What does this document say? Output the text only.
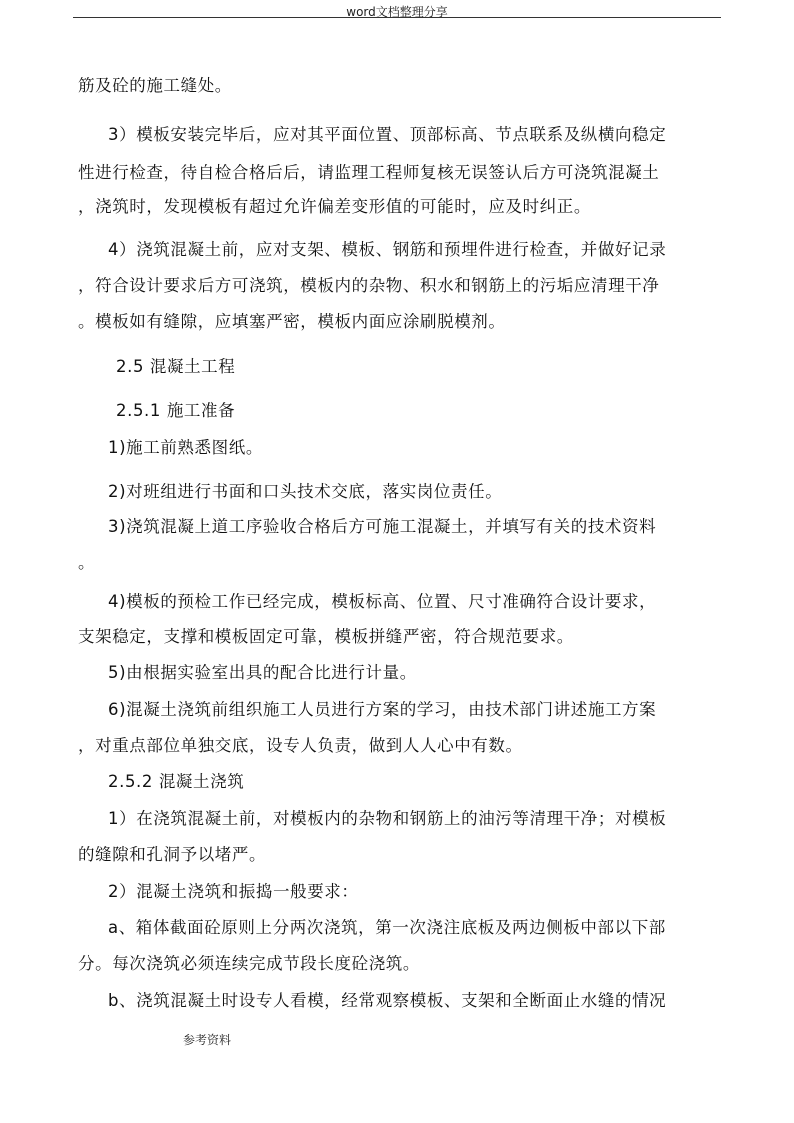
word文档整理分享
筋及砼的施工缝处。
3）模板安装完毕后，应对其平面位置、顶部标高、节点联系及纵横向稳定
性进行检查，待自检合格后后，请监理工程师复核无误签认后方可浇筑混凝土
，浇筑时，发现模板有超过允许偏差变形值的可能时，应及时纠正。
4）浇筑混凝土前，应对支架、模板、钢筋和预埋件进行检查，并做好记录
，符合设计要求后方可浇筑，模板内的杂物、积水和钢筋上的污垢应清理干净
。模板如有缝隙，应填塞严密，模板内面应涂刷脱模剂。
2.5 混凝土工程
2.5.1 施工准备
1)施工前熟悉图纸。
2)对班组进行书面和口头技术交底，落实岗位责任。
3)浇筑混凝上道工序验收合格后方可施工混凝土，并填写有关的技术资料
。
4)模板的预检工作已经完成，模板标高、位置、尺寸准确符合设计要求，
支架稳定，支撑和模板固定可靠，模板拼缝严密，符合规范要求。
5)由根据实验室出具的配合比进行计量。
6)混凝土浇筑前组织施工人员进行方案的学习，由技术部门讲述施工方案
，对重点部位单独交底，设专人负责，做到人人心中有数。
2.5.2 混凝土浇筑
1）在浇筑混凝土前，对模板内的杂物和钢筋上的油污等清理干净；对模板
的缝隙和孔洞予以堵严。
2）混凝土浇筑和振捣一般要求：
a、箱体截面砼原则上分两次浇筑，第一次浇注底板及两边侧板中部以下部
分。每次浇筑必须连续完成节段长度砼浇筑。
b、浇筑混凝土时设专人看模，经常观察模板、支架和全断面止水缝的情况
参考资料
